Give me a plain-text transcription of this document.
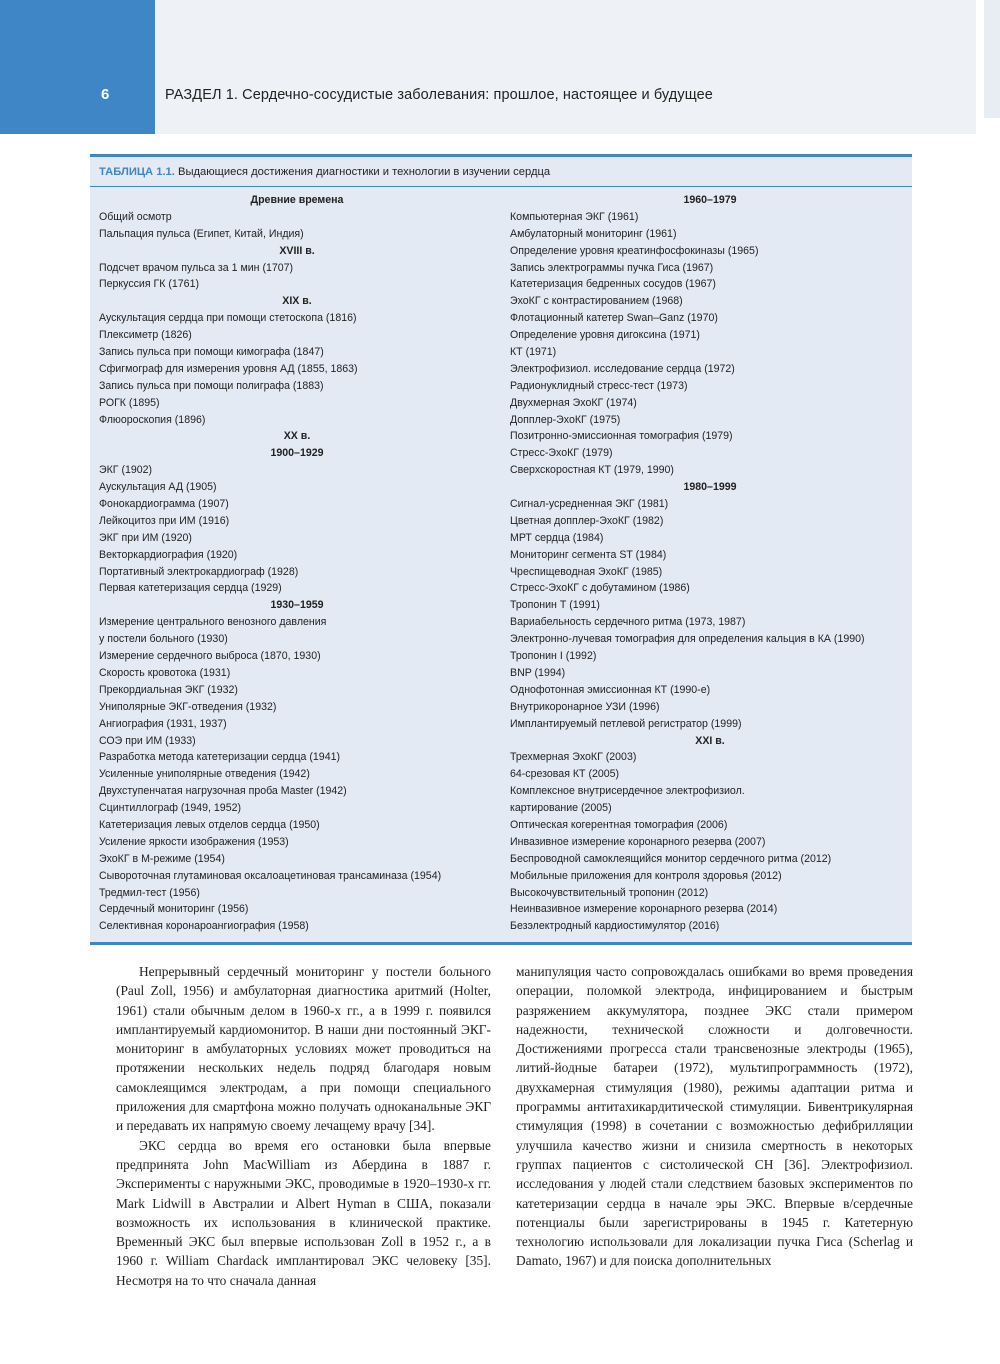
6	РАЗДЕЛ 1. Сердечно-сосудистые заболевания: прошлое, настоящее и будущее
ТАБЛИЦА 1.1. Выдающиеся достижения диагностики и технологии в изучении сердца
Древние времена
Общий осмотр
Пальпация пульса (Египет, Китай, Индия)
XVIII в.
Подсчет врачом пульса за 1 мин (1707)
Перкуссия ГК (1761)
XIX в.
Аускультация сердца при помощи стетоскопа (1816)
Плексиметр (1826)
Запись пульса при помощи кимографа (1847)
Сфигмограф для измерения уровня АД (1855, 1863)
Запись пульса при помощи полиграфа (1883)
РОГК (1895)
Флюороскопия (1896)
XX в.
1900–1929
ЭКГ (1902)
Аускультация АД (1905)
Фонокардиограмма (1907)
Лейкоцитоз при ИМ (1916)
ЭКГ при ИМ (1920)
Векторкардиография (1920)
Портативный электрокардиограф (1928)
Первая катетеризация сердца (1929)
1930–1959
Измерение центрального венозного давления
у постели больного (1930)
Измерение сердечного выброса (1870, 1930)
Скорость кровотока (1931)
Прекордиальная ЭКГ (1932)
Униполярные ЭКГ-отведения (1932)
Ангиография (1931, 1937)
СОЭ при ИМ (1933)
Разработка метода катетеризации сердца (1941)
Усиленные униполярные отведения (1942)
Двухступенчатая нагрузочная проба Master (1942)
Сцинтиллограф (1949, 1952)
Катетеризация левых отделов сердца (1950)
Усиление яркости изображения (1953)
ЭхоКГ в М-режиме (1954)
Сывороточная глутаминовая оксалоацетиновая трансаминаза (1954)
Тредмил-тест (1956)
Сердечный мониторинг (1956)
Селективная коронароангиография (1958)
1960–1979
Компьютерная ЭКГ (1961)
Амбулаторный мониторинг (1961)
Определение уровня креатинфосфокиназы (1965)
Запись электрограммы пучка Гиса (1967)
Катетеризация бедренных сосудов (1967)
ЭхоКГ с контрастированием (1968)
Флотационный катетер Swan–Ganz (1970)
Определение уровня дигоксина (1971)
КТ (1971)
Электрофизиол. исследование сердца (1972)
Радионуклидный стресс-тест (1973)
Двухмерная ЭхоКГ (1974)
Допплер-ЭхоКГ (1975)
Позитронно-эмиссионная томография (1979)
Стресс-ЭхоКГ (1979)
Сверхскоростная КТ (1979, 1990)
1980–1999
Сигнал-усредненная ЭКГ (1981)
Цветная допплер-ЭхоКГ (1982)
МРТ сердца (1984)
Мониторинг сегмента ST (1984)
Чреспищеводная ЭхоКГ (1985)
Стресс-ЭхоКГ с добутамином (1986)
Тропонин Т (1991)
Вариабельность сердечного ритма (1973, 1987)
Электронно-лучевая томография для определения кальция в КА (1990)
Тропонин I (1992)
BNP (1994)
Однофотонная эмиссионная КТ (1990-е)
Внутрикоронарное УЗИ (1996)
Имплантируемый петлевой регистратор (1999)
XXI в.
Трехмерная ЭхоКГ (2003)
64-срезовая КТ (2005)
Комплексное внутрисердечное электрофизиол.
картирование (2005)
Оптическая когерентная томография (2006)
Инвазивное измерение коронарного резерва (2007)
Беспроводной самоклеящийся монитор сердечного ритма (2012)
Мобильные приложения для контроля здоровья (2012)
Высокочувствительный тропонин (2012)
Неинвазивное измерение коронарного резерва (2014)
Безэлектродный кардиостимулятор (2016)

Непрерывный сердечный мониторинг у постели больного (Paul Zoll, 1956) и амбулаторная диагностика аритмий (Holter, 1961) стали обычным делом в 1960-х гг., а в 1999 г. появился имплантируемый кардиомонитор. В наши дни постоянный ЭКГ-мониторинг в амбулаторных условиях может проводиться на протяжении нескольких недель подряд благодаря новым самоклеящимся электродам, а при помощи специального приложения для смартфона можно получать одноканальные ЭКГ и передавать их напрямую своему лечащему врачу [34].

ЭКС сердца во время его остановки была впервые предпринята John MacWilliam из Абердина в 1887 г. Эксперименты с наружными ЭКС, проводимые в 1920–1930-х гг. Mark Lidwill в Австралии и Albert Hyman в США, показали возможность их использования в клинической практике. Временный ЭКС был впервые использован Zoll в 1952 г., а в 1960 г. William Chardack имплантировал ЭКС человеку [35]. Несмотря на то что сначала данная

манипуляция часто сопровождалась ошибками во время проведения операции, поломкой электрода, инфицированием и быстрым разряжением аккумулятора, позднее ЭКС стали примером надежности, технической сложности и долговечности. Достижениями прогресса стали трансвенозные электроды (1965), литий-йодные батареи (1972), мультипрограммность (1972), двухкамерная стимуляция (1980), режимы адаптации ритма и программы антитахикардитической стимуляции. Бивентрикулярная стимуляция (1998) в сочетании с возможностью дефибрилляции улучшила качество жизни и снизила смертность в некоторых группах пациентов с систолической СН [36]. Электрофизиол. исследования у людей стали следствием базовых экспериментов по катетеризации сердца в начале эры ЭКС. Впервые в/сердечные потенциалы были зарегистрированы в 1945 г. Катетерную технологию использовали для локализации пучка Гиса (Scherlag и Damato, 1967) и для поиска дополнительных
